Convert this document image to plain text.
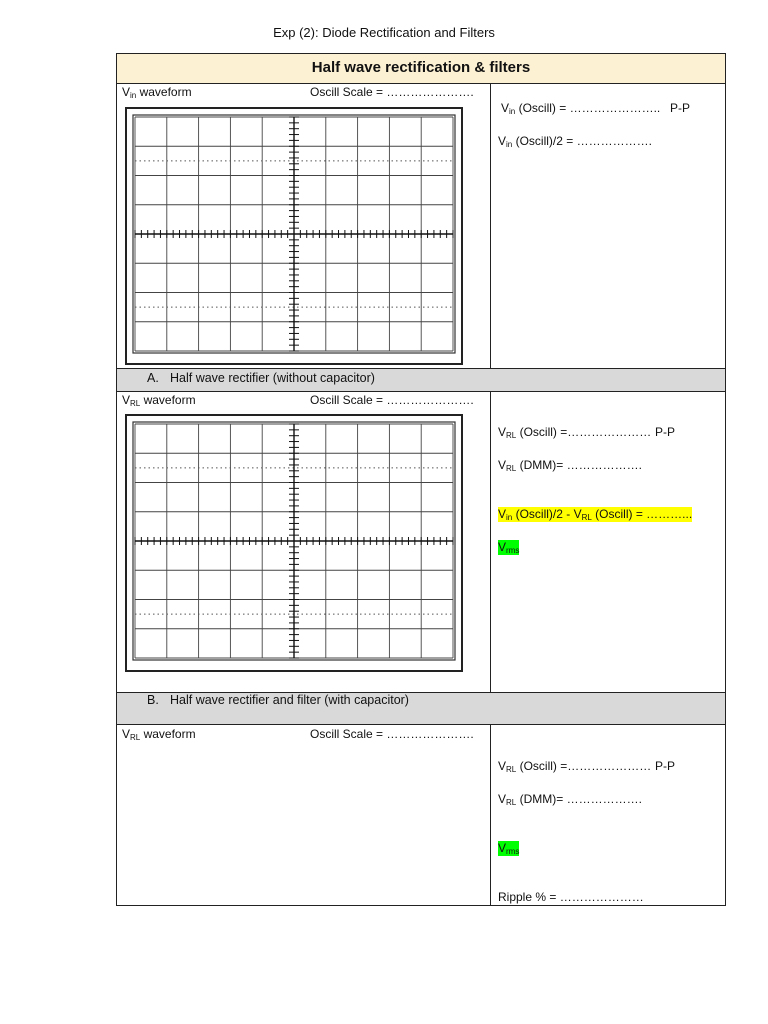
Exp (2): Diode Rectification and Filters
Half wave rectification & filters
$V_{in}$ waveform	Oscill Scale = ………………….
$V_{in}$ (Oscill) = ………………….. P-P
$V_{in}$ (Oscill)/2 = ……………….
A. Half wave rectifier (without capacitor)
$V_{RL}$ waveform	Oscill Scale = ………………….
$V_{RL}$ (Oscill) =………………… P-P
$V_{RL}$ (DMM)= ……………….
$V_{in}$ (Oscill)/2 - $V_{RL}$ (Oscill) = ………...
$V_{rms}$
B. Half wave rectifier and filter (with capacitor)
$V_{RL}$ waveform	Oscill Scale = ………………….
$V_{RL}$ (Oscill) =………………… P-P
$V_{RL}$ (DMM)= ……………….
$V_{rms}$
Ripple % = …………………
